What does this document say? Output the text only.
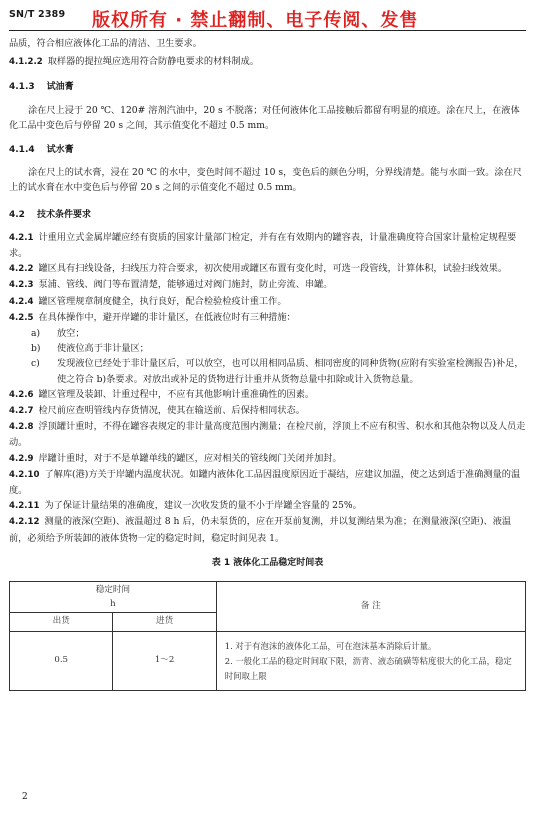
SN/T 2389 版权所有 · 禁止翻制、电子传阅、发售

品质，符合相应液体化工品的清洁、卫生要求。

4.1.2.2 取样器的提拉绳应选用符合防静电要求的材料制成。

4.1.3 试油膏

涂在尺上浸于 20 ℃、120# 溶剂汽油中，20 s 不脱落；对任何液体化工品接触后都留有明显的痕迹。涂在尺上，在液体化工品中变色后与停留 20 s 之间，其示值变化不超过 0.5 mm。

4.1.4 试水膏

涂在尺上的试水膏，浸在 20 ℃ 的水中，变色时间不超过 10 s，变色后的颜色分明，分界线清楚。能与水面一致。涂在尺上的试水膏在水中变色后与停留 20 s 之间的示值变化不超过 0.5 mm。

4.2 技术条件要求

4.2.1 计重用立式金属岸罐应经有资质的国家计量部门检定，并有在有效期内的罐容表，计量准确度符合国家计量检定规程要求。

4.2.2 罐区具有扫线设备，扫线压力符合要求，初次使用或罐区布置有变化时，可选一段管线，计算体积，试验扫线效果。

4.2.3 泵浦、管线、阀门等布置清楚，能够通过对阀门施封，防止旁流、串罐。

4.2.4 罐区管理规章制度健全，执行良好，配合检验检疫计重工作。

4.2.5 在具体操作中，避开岸罐的非计量区，在低液位时有三种措施：

a)	放空；
b)	使液位高于非计量区；
c)	发现液位已经处于非计量区后，可以放空，也可以用相同品质、相同密度的同种货物(应附有实验室检测报告)补足，使之符合 b)条要求。对放出或补足的货物进行计重并从货物总量中扣除或计入货物总量。

4.2.6 罐区管理及装卸、计重过程中，不应有其他影响计重准确性的因素。

4.2.7 检尺前应查明管线内存货情况，使其在输送前、后保持相同状态。

4.2.8 浮顶罐计重时，不得在罐容表规定的非计量高度范围内测量；在检尺前，浮顶上不应有积雪、积水和其他杂物以及人员走动。

4.2.9 岸罐计重时，对于不是单罐单线的罐区，应对相关的管线阀门关闭并加封。

4.2.10 了解库(港)方关于岸罐内温度状况。如罐内液体化工品因温度原因近于凝结，应建议加温，使之达到适于准确测量的温度。

4.2.11 为了保证计量结果的准确度，建议一次收发货的量不小于岸罐全容量的 25%。

4.2.12 测量的液深(空距)、液温超过 8 h 后，仍未泵货的，应在开泵前复测，并以复测结果为准；在测量液深(空距)、液温前，必须给予所装卸的液体货物一定的稳定时间，稳定时间见表 1。

表 1 液体化工品稳定时间表
稳定时间
h		备 注
出货	进货	
0.5	1～2	1. 对于有泡沫的液体化工品，可在泡沫基本消除后计量。
2. 一般化工品的稳定时间取下限，沥青、液态硫磺等粘度很大的化工品，稳定时间取上限
2
